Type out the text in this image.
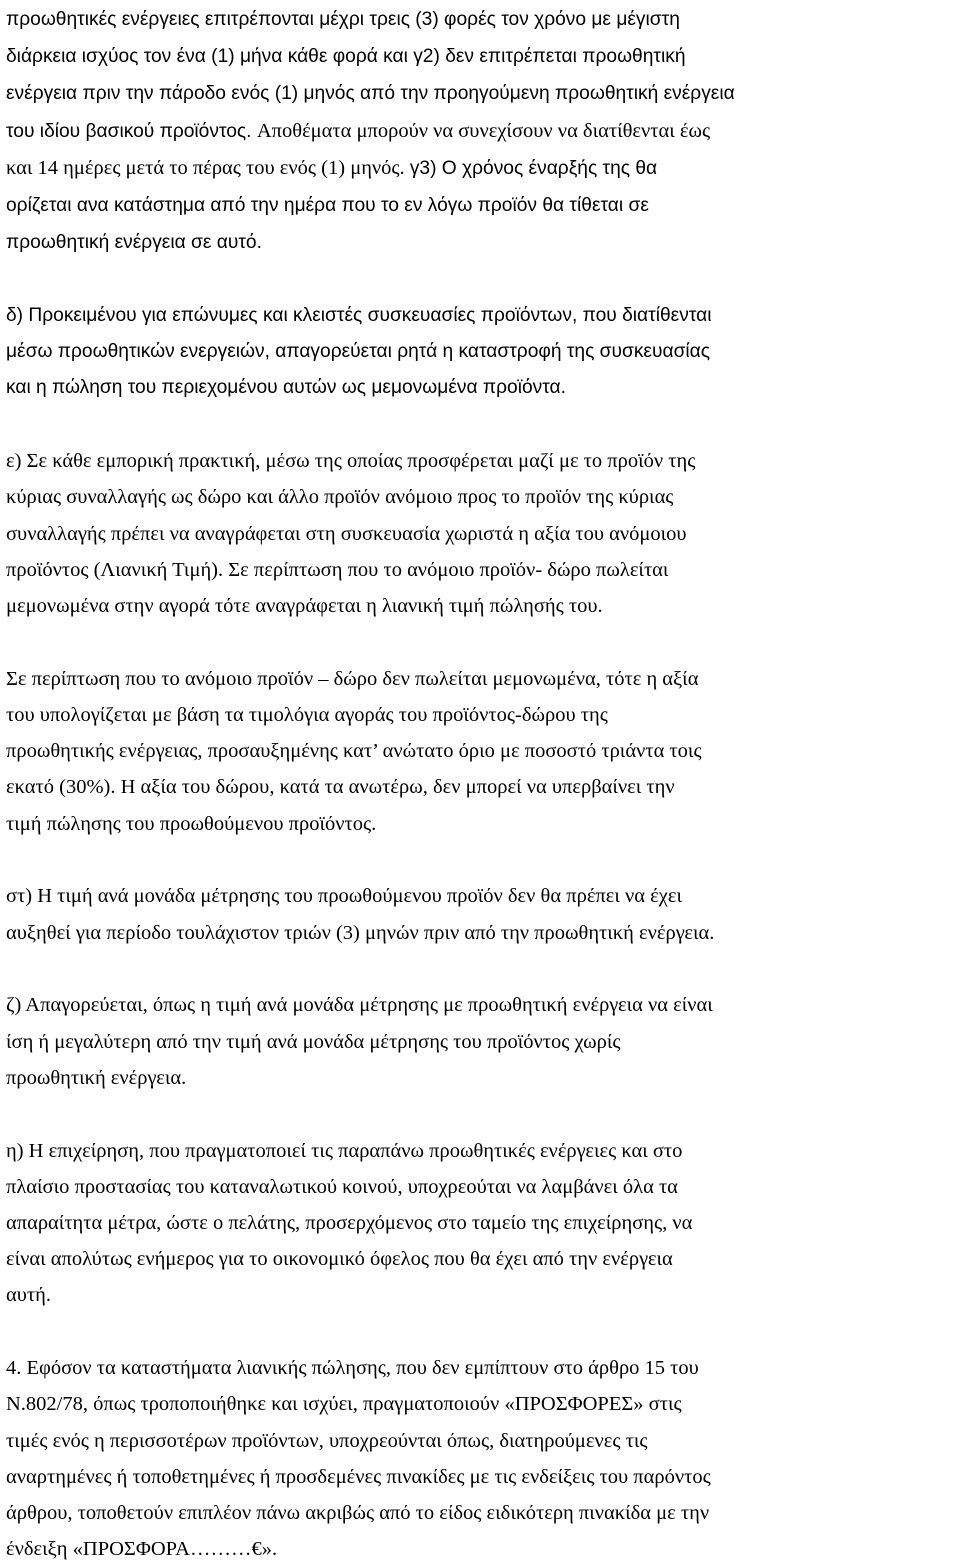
προωθητικές ενέργειες επιτρέπονται μέχρι τρεις (3) φορές τον χρόνο με μέγιστη
διάρκεια ισχύος τον ένα (1) μήνα κάθε φορά και γ2) δεν επιτρέπεται προωθητική
ενέργεια πριν την πάροδο ενός (1) μηνός από την προηγούμενη προωθητική ενέργεια
του ιδίου βασικού προϊόντος. Αποθέματα μπορούν να συνεχίσουν να διατίθενται έως
και 14 ημέρες μετά το πέρας του ενός (1) μηνός. γ3) Ο χρόνος έναρξής της θα
ορίζεται ανα κατάστημα από την ημέρα που το εν λόγω προϊόν θα τίθεται σε
προωθητική ενέργεια σε αυτό.

δ) Προκειμένου για επώνυμες και κλειστές συσκευασίες προϊόντων, που διατίθενται
μέσω προωθητικών ενεργειών, απαγορεύεται ρητά η καταστροφή της συσκευασίας
και η πώληση του περιεχομένου αυτών ως μεμονωμένα προϊόντα.

ε) Σε κάθε εμπορική πρακτική, μέσω της οποίας προσφέρεται μαζί με το προϊόν της
κύριας συναλλαγής ως δώρο και άλλο προϊόν ανόμοιο προς το προϊόν της κύριας
συναλλαγής πρέπει να αναγράφεται στη συσκευασία χωριστά η αξία του ανόμοιου
προϊόντος (Λιανική Τιμή). Σε περίπτωση που το ανόμοιο προϊόν- δώρο πωλείται
μεμονωμένα στην αγορά τότε αναγράφεται η λιανική τιμή πώλησής του.

Σε περίπτωση που το ανόμοιο προϊόν – δώρο δεν πωλείται μεμονωμένα, τότε η αξία
του υπολογίζεται με βάση τα τιμολόγια αγοράς του προϊόντος-δώρου της
προωθητικής ενέργειας, προσαυξημένης κατ’ ανώτατο όριο με ποσοστό τριάντα τοις
εκατό (30%). Η αξία του δώρου, κατά τα ανωτέρω, δεν μπορεί να υπερβαίνει την
τιμή πώλησης του προωθούμενου προϊόντος.

στ) Η τιμή ανά μονάδα μέτρησης του προωθούμενου προϊόν δεν θα πρέπει να έχει
αυξηθεί για περίοδο τουλάχιστον τριών (3) μηνών πριν από την προωθητική ενέργεια.

ζ) Απαγορεύεται, όπως η τιμή ανά μονάδα μέτρησης με προωθητική ενέργεια να είναι
ίση ή μεγαλύτερη από την τιμή ανά μονάδα μέτρησης του προϊόντος χωρίς
προωθητική ενέργεια.

η) Η επιχείρηση, που πραγματοποιεί τις παραπάνω προωθητικές ενέργειες και στο
πλαίσιο προστασίας του καταναλωτικού κοινού, υποχρεούται να λαμβάνει όλα τα
απαραίτητα μέτρα, ώστε ο πελάτης, προσερχόμενος στο ταμείο της επιχείρησης, να
είναι απολύτως ενήμερος για το οικονομικό όφελος που θα έχει από την ενέργεια
αυτή.

4. Εφόσον τα καταστήματα λιανικής πώλησης, που δεν εμπίπτουν στο άρθρο 15 του
Ν.802/78, όπως τροποποιήθηκε και ισχύει, πραγματοποιούν «ΠΡΟΣΦΟΡΕΣ» στις
τιμές ενός η περισσοτέρων προϊόντων, υποχρεούνται όπως, διατηρούμενες τις
αναρτημένες ή τοποθετημένες ή προσδεμένες πινακίδες με τις ενδείξεις του παρόντος
άρθρου, τοποθετούν επιπλέον πάνω ακριβώς από το είδος ειδικότερη πινακίδα με την
ένδειξη «ΠΡΟΣΦΟΡΑ………€».
